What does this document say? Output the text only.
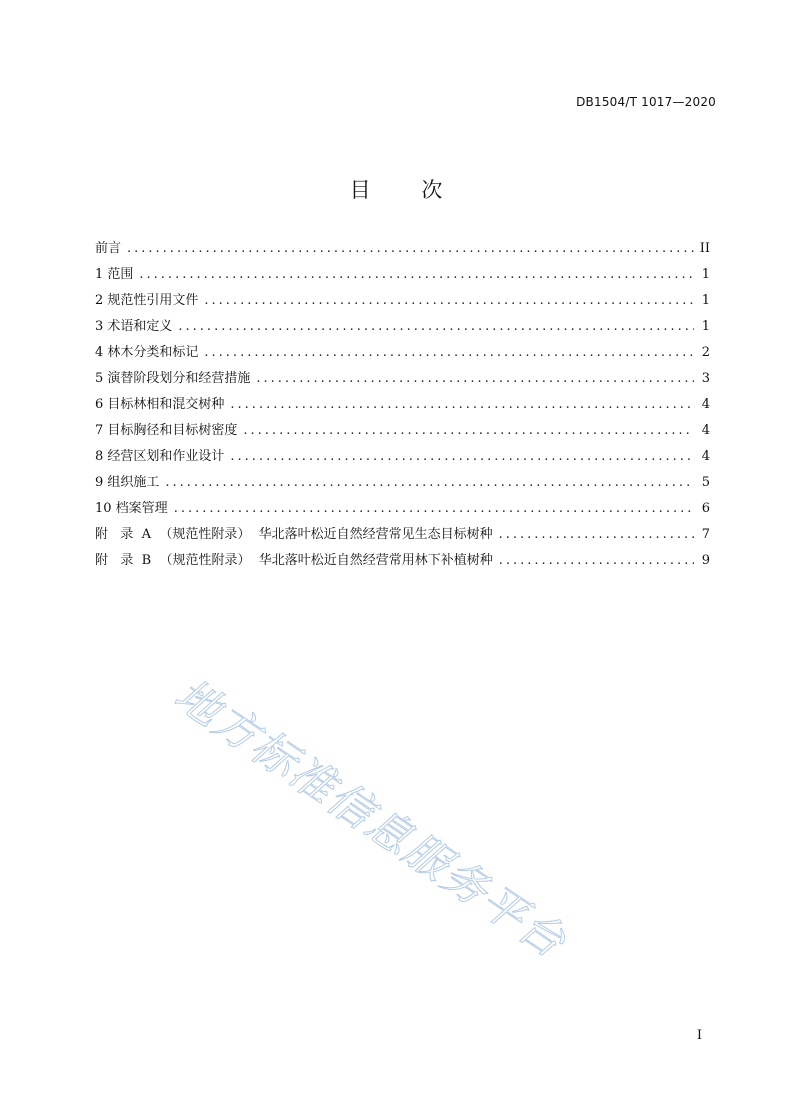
DB1504/T 1017—2020
目 次
前言 .....	II
1 范围 .....	1
2 规范性引用文件 .....	1
3 术语和定义 .....	1
4 林木分类和标记 .....	2
5 演替阶段划分和经营措施 .....	3
6 目标林相和混交树种 .....	4
7 目标胸径和目标树密度 .....	4
8 经营区划和作业设计 .....	4
9 组织施工 .....	5
10 档案管理 .....	6
附   录  A  （规范性附录）  华北落叶松近自然经营常见生态目标树种 .....	7
附   录  B  （规范性附录）  华北落叶松近自然经营常用林下补植树种 .....	9
地方标准信息服务平台
I
